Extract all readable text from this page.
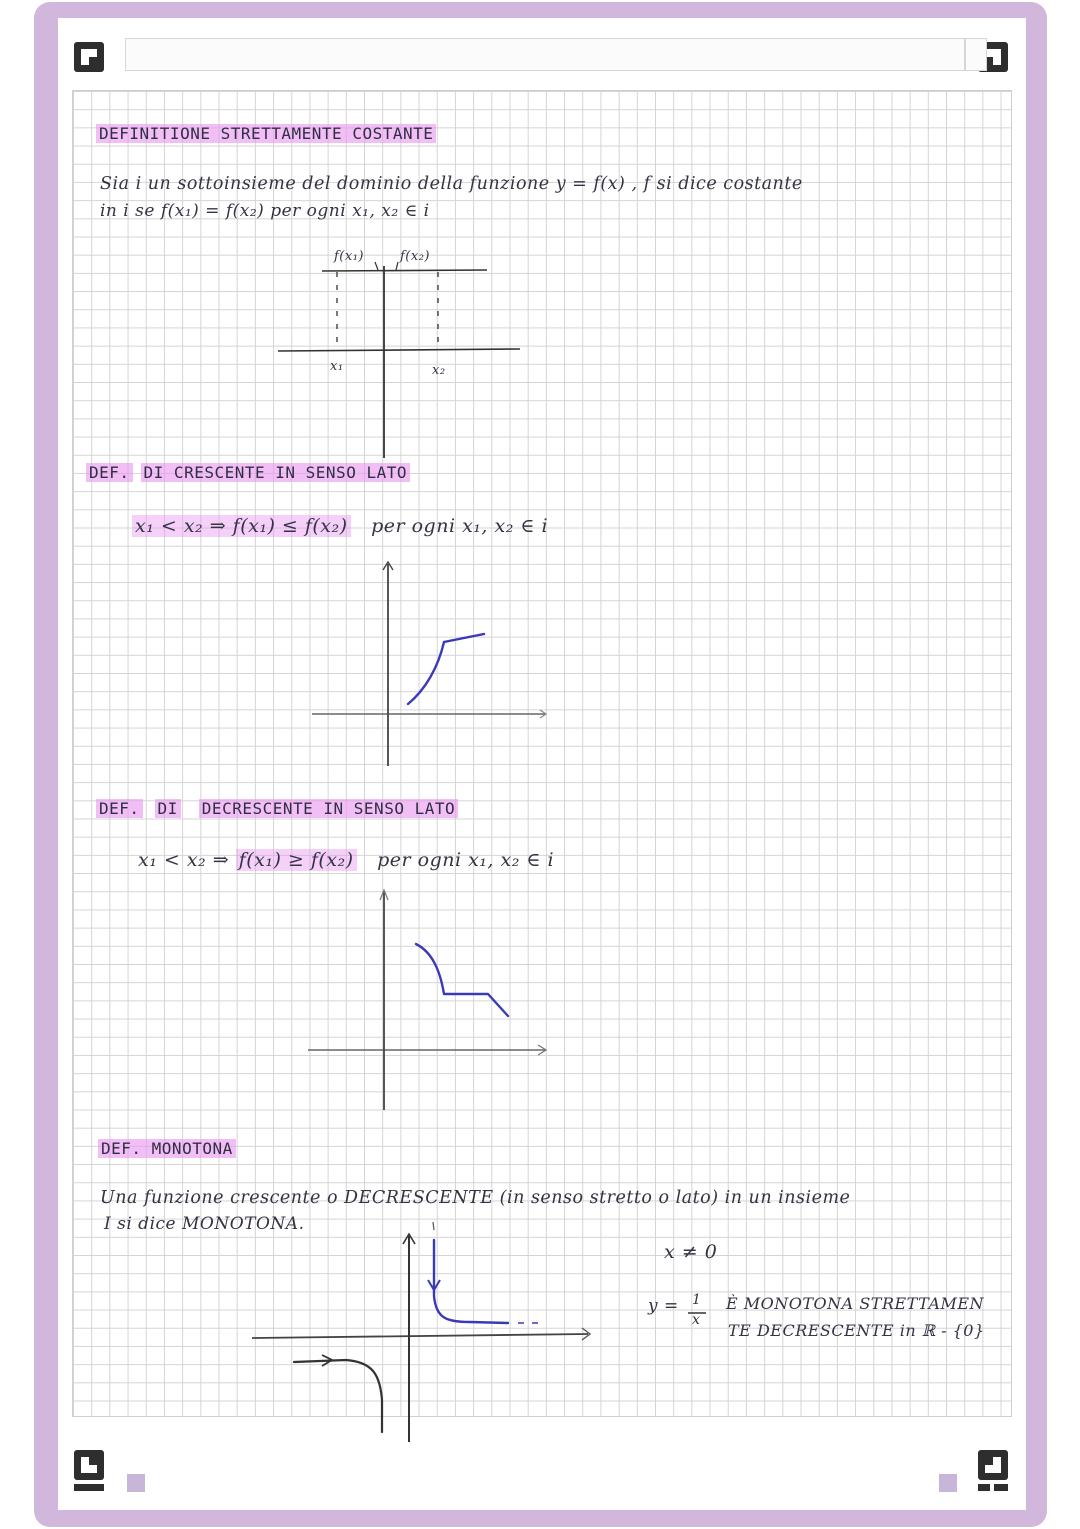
DEFINITIONE STRETTAMENTE COSTANTE
Sia i un sottoinsieme del dominio della funzione y = f(x) , f si dice costante
in i se f(x₁) = f(x₂) per ogni x₁, x₂ ∈ i
f(x₁)	f(x₂)
x₁	x₂
DEF. DI CRESCENTE IN SENSO LATO
x₁ < x₂ ⇒ f(x₁) ≤ f(x₂) per ogni x₁, x₂ ∈ i
DEF. DI DECRESCENTE IN SENSO LATO
x₁ < x₂ ⇒ f(x₁) ≥ f(x₂) per ogni x₁, x₂ ∈ i
DEF. MONOTONA
Una funzione crescente o DECRESCENTE (in senso stretto o lato) in un insieme
I si dice MONOTONA.
x ≠ 0
y = 1
x
È MONOTONA STRETTAMEN
TE DECRESCENTE in ℝ - {0}
